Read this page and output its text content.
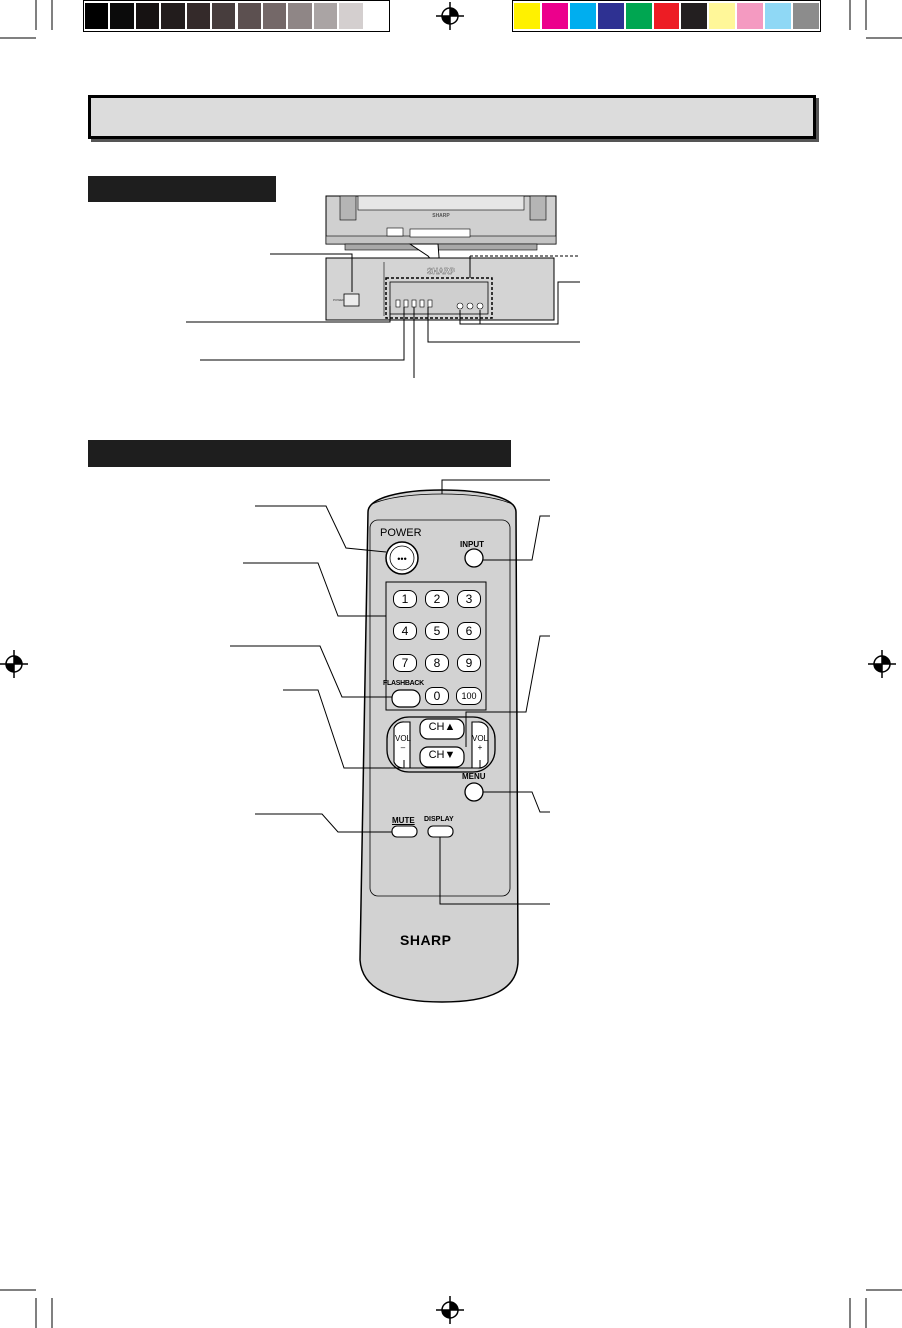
SHARP
SHARP
POWER
•••
POWER
INPUT
1	2	3
4	5	6
7	8	9
0	100
FLASHBACK
CH▲
CH▼
VOL
–
VOL
+
MENU
MUTE DISPLAY
SHARP
